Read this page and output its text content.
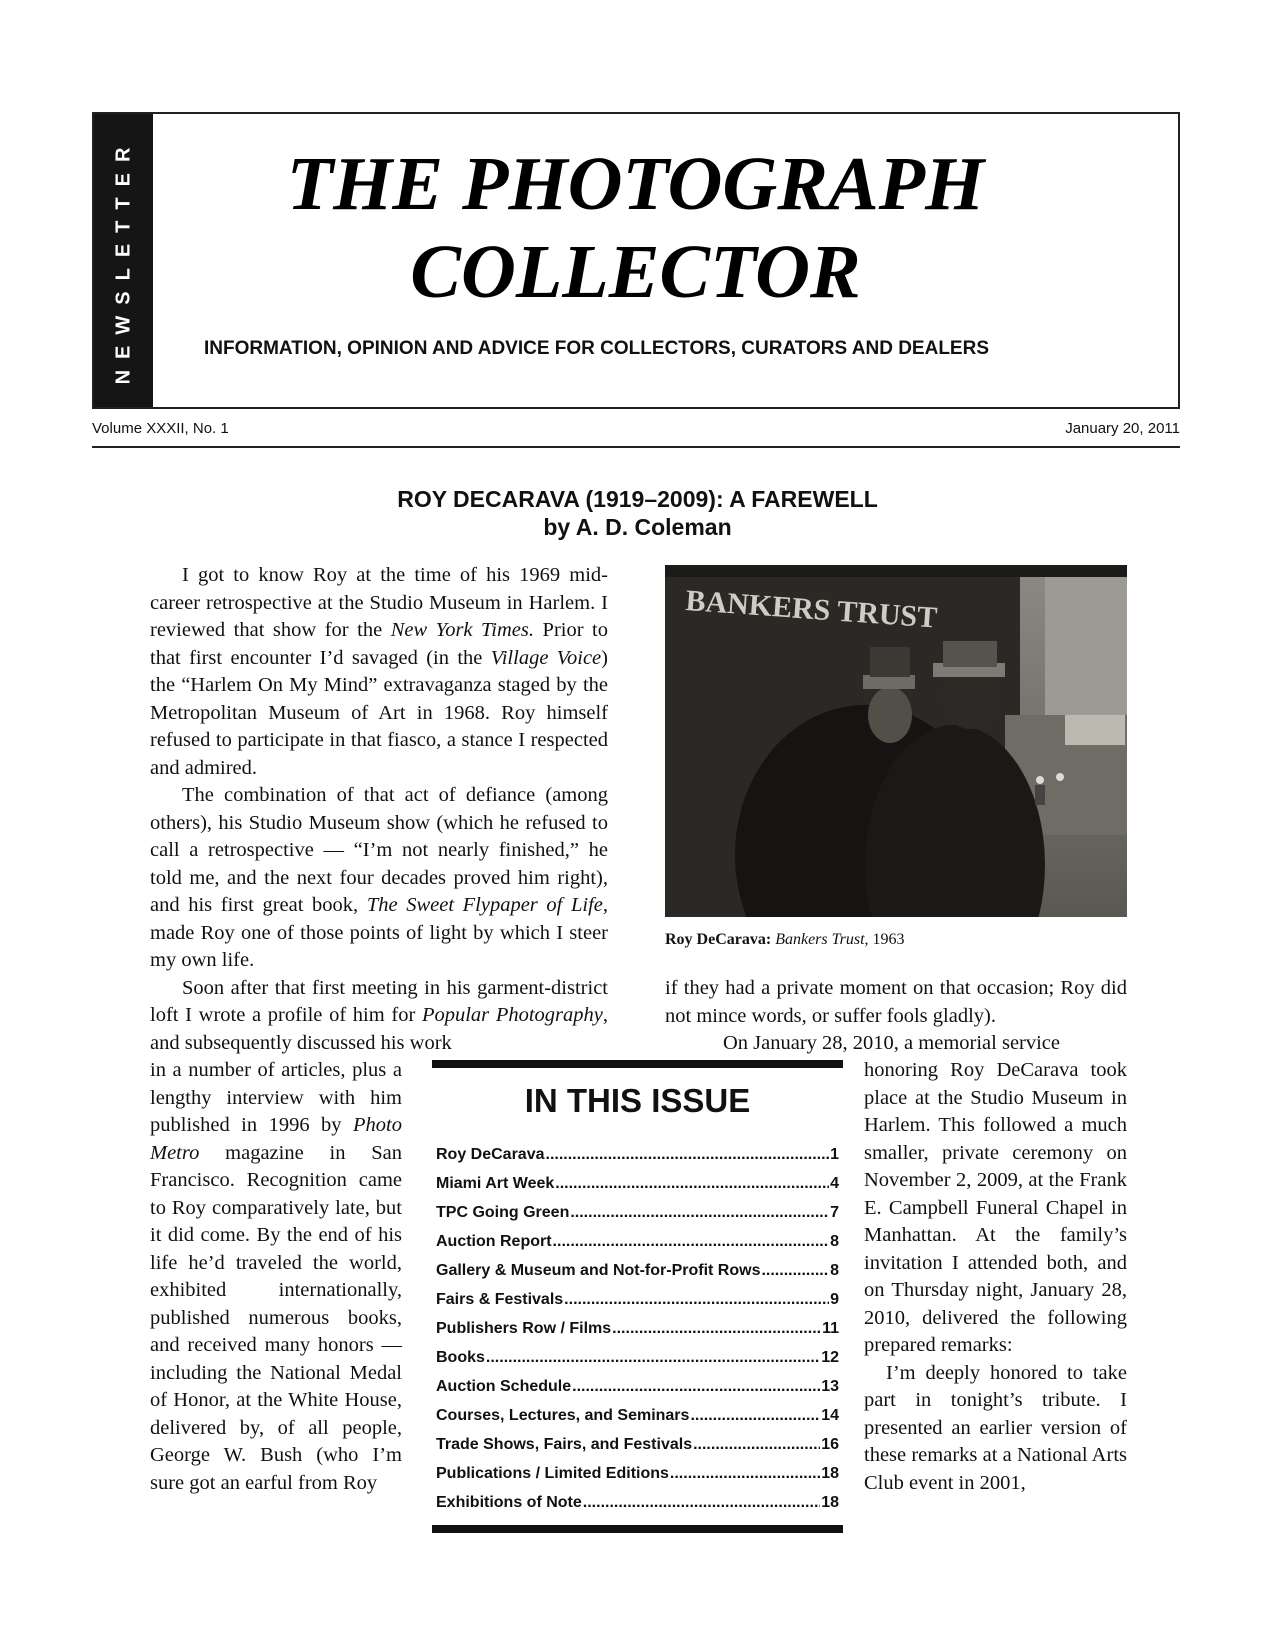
NEWSLETTER	THE PHOTOGRAPH
COLLECTOR
INFORMATION, OPINION AND ADVICE FOR COLLECTORS, CURATORS AND DEALERS
Volume XXXII, No. 1	January 20, 2011
ROY DECARAVA (1919–2009): A FAREWELL
by A. D. Coleman

I got to know Roy at the time of his 1969 mid-career retrospective at the Studio Museum in Harlem. I reviewed that show for the New York Times. Prior to that first encounter I’d savaged (in the Village Voice) the “Harlem On My Mind” extravaganza staged by the Metropolitan Museum of Art in 1968. Roy himself refused to participate in that fiasco, a stance I respected and admired.

The combination of that act of defiance (among others), his Studio Museum show (which he refused to call a retrospective — “I’m not nearly finished,” he told me, and the next four decades proved him right), and his first great book, The Sweet Flypaper of Life, made Roy one of those points of light by which I steer my own life.

Soon after that first meeting in his garment-district loft I wrote a profile of him for Popular Photography, and subsequently discussed his work

in a number of articles, plus a lengthy interview with him published in 1996 by Photo Metro magazine in San Francisco. Recognition came to Roy comparatively late, but it did come. By the end of his life he’d traveled the world, exhibited internationally, published numerous books, and received many honors — including the National Medal of Honor, at the White House, delivered by, of all people, George W. Bush (who I’m sure got an earful from Roy

BANKERS TRUST
Roy DeCarava: Bankers Trust, 1963

if they had a private moment on that occasion; Roy did not mince words, or suffer fools gladly).

On January 28, 2010, a memorial service

honoring Roy DeCarava took place at the Studio Museum in Harlem. This followed a much smaller, private ceremony on November 2, 2009, at the Frank E. Campbell Funeral Chapel in Manhattan. At the family’s invitation I attended both, and on Thursday night, January 28, 2010, delivered the following prepared remarks:

I’m deeply honored to take part in tonight’s tribute. I presented an earlier version of these remarks at a National Arts Club event in 2001,

IN THIS ISSUE
Roy DeCarava .....	1
Miami Art Week .....	4
TPC Going Green .....	7
Auction Report .....	8
Gallery & Museum and Not-for-Profit Rows .....	8
Fairs & Festivals .....	9
Publishers Row / Films .....	11
Books .....	12
Auction Schedule .....	13
Courses, Lectures, and Seminars .....	14
Trade Shows, Fairs, and Festivals .....	16
Publications / Limited Editions .....	18
Exhibitions of Note .....	18
